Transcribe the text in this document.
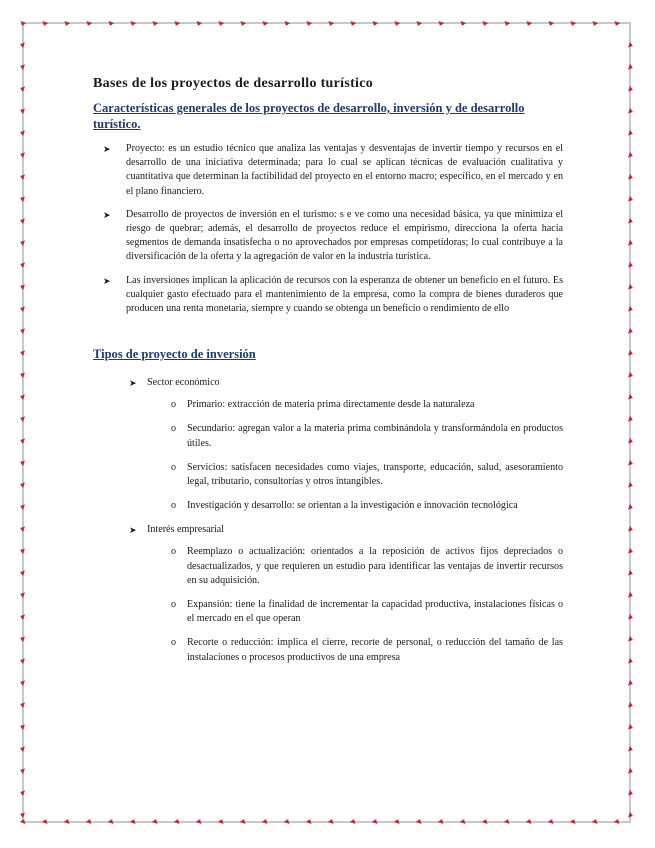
Bases de los proyectos de desarrollo turístico
Características generales de los proyectos de desarrollo, inversión y de desarrollo turístico.
➤ Proyecto: es un estudio técnico que analiza las ventajas y desventajas de invertir tiempo y recursos en el desarrollo de una iniciativa determinada; para lo cual se aplican técnicas de evaluación cualitativa y cuantitativa que determinan la factibilidad del proyecto en el entorno macro; específico, en el mercado y en el plano financiero.
➤ Desarrollo de proyectos de inversión en el turismo: s e ve como una necesidad básica, ya que minimiza el riesgo de quebrar; además, el desarrollo de proyectos reduce el empirismo, direcciona la oferta hacia segmentos de demanda insatisfecha o no aprovechados por empresas competidoras; lo cual contribuye a la diversificación de la oferta y la agregación de valor en la industria turística.
➤ Las inversiones implican la aplicación de recursos con la esperanza de obtener un beneficio en el futuro. Es cualquier gasto efectuado para el mantenimiento de la empresa, como la compra de bienes duraderos que producen una renta monetaria, siempre y cuando se obtenga un beneficio o rendimiento de ello
Tipos de proyecto de inversión
➤ Sector económico
o Primario: extracción de materia prima directamente desde la naturaleza
o Secundario: agregan valor a la materia prima combinándola y transformándola en productos útiles.
o Servicios: satisfacen necesidades como viajes, transporte, educación, salud, asesoramiento legal, tributario, consultorías y otros intangibles.
o Investigación y desarrollo: se orientan a la investigación e innovación tecnológica
➤ Interés empresarial
o Reemplazo o actualización: orientados a la reposición de activos fijos depreciados o desactualizados, y que requieren un estudio para identificar las ventajas de invertir recursos en su adquisición.
o Expansión: tiene la finalidad de incrementar la capacidad productiva, instalaciones físicas o el mercado en el que operan
o Recorte o reducción: implica el cierre, recorte de personal, o reducción del tamaño de las instalaciones o procesos productivos de una empresa
